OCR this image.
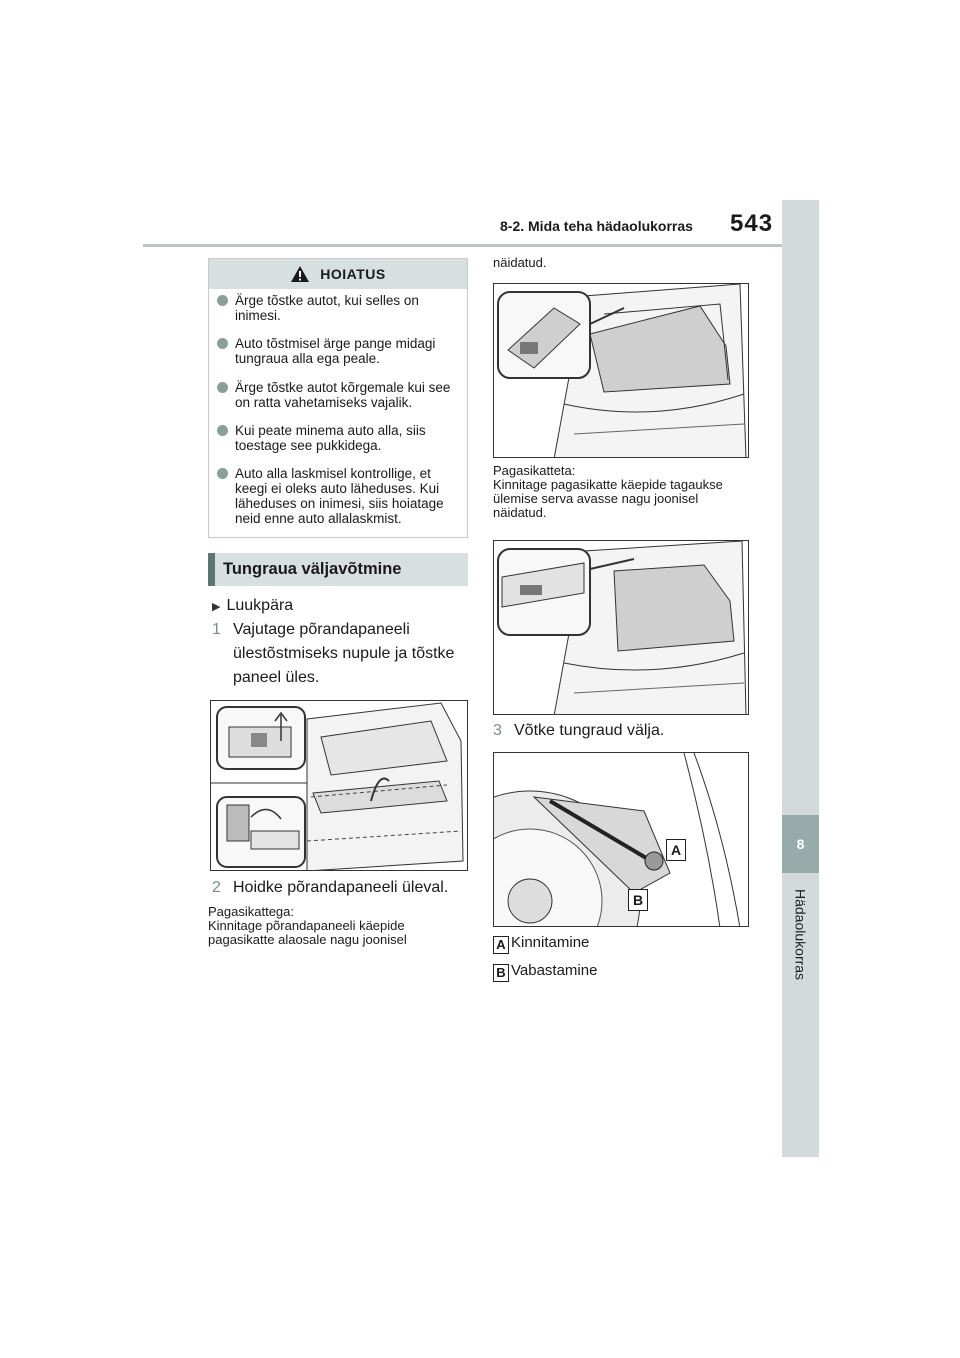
8-2. Mida teha hädaolukorras 543
8
Hädaolukorras
HOIATUS
Ärge tõstke autot, kui selles on inimesi.
Auto tõstmisel ärge pange midagi tungraua alla ega peale.
Ärge tõstke autot kõrgemale kui see on ratta vahetamiseks vajalik.
Kui peate minema auto alla, siis toestage see pukkidega.
Auto alla laskmisel kontrollige, et keegi ei oleks auto läheduses. Kui läheduses on inimesi, siis hoiatage neid enne auto allalaskmist.
Tungraua väljavõtmine
▶ Luukpära
1 Vajutage põrandapaneeli ülestõstmiseks nupule ja tõstke paneel üles.
2 Hoidke põrandapaneeli üleval.
Pagasikattega:
Kinnitage põrandapaneeli käepide pagasikatte alaosale nagu joonisel
näidatud.
Pagasikatteta:
Kinnitage pagasikatte käepide tagaukse ülemise serva avasse nagu joonisel näidatud.
3 Võtke tungraud välja.
A
B
A Kinnitamine
B Vabastamine
